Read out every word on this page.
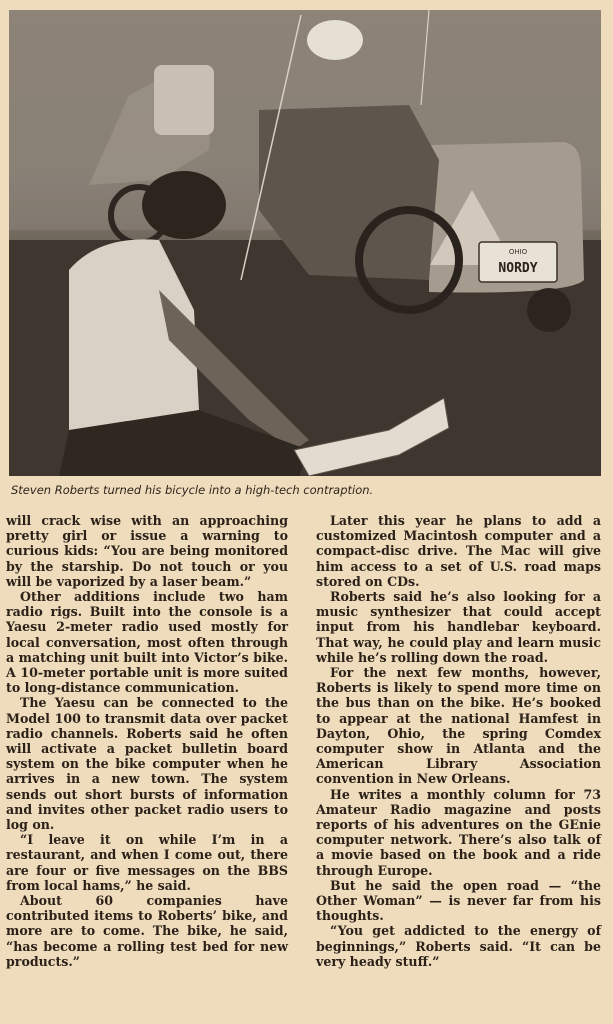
OHIO
NORDY
Steven Roberts turned his bicycle into a high-tech contraption.

will crack wise with an approaching pretty girl or issue a warning to curious kids: “You are being monitored by the starship. Do not touch or you will be vaporized by a laser beam.”

Other additions include two ham radio rigs. Built into the console is a Yaesu 2-meter radio used mostly for local conversation, most often through a matching unit built into Victor’s bike. A 10-meter portable unit is more suited to long-distance communication.

The Yaesu can be connected to the Model 100 to transmit data over packet radio channels. Roberts said he often will activate a packet bulletin board system on the bike computer when he arrives in a new town. The system sends out short bursts of information and invites other packet radio users to log on.

“I leave it on while I’m in a restaurant, and when I come out, there are four or five messages on the BBS from local hams,” he said.

About 60 companies have contributed items to Roberts’ bike, and more are to come. The bike, he said, “has become a rolling test bed for new products.”

Later this year he plans to add a customized Macintosh computer and a compact-disc drive. The Mac will give him access to a set of U.S. road maps stored on CDs.

Roberts said he’s also looking for a music synthesizer that could accept input from his handlebar keyboard. That way, he could play and learn music while he’s rolling down the road.

For the next few months, however, Roberts is likely to spend more time on the bus than on the bike. He’s booked to appear at the national Hamfest in Dayton, Ohio, the spring Comdex computer show in Atlanta and the American Library Association convention in New Orleans.

He writes a monthly column for 73 Amateur Radio magazine and posts reports of his adventures on the GEnie computer network. There’s also talk of a movie based on the book and a ride through Europe.

But he said the open road — “the Other Woman” — is never far from his thoughts.

“You get addicted to the energy of beginnings,” Roberts said. “It can be very heady stuff.”
